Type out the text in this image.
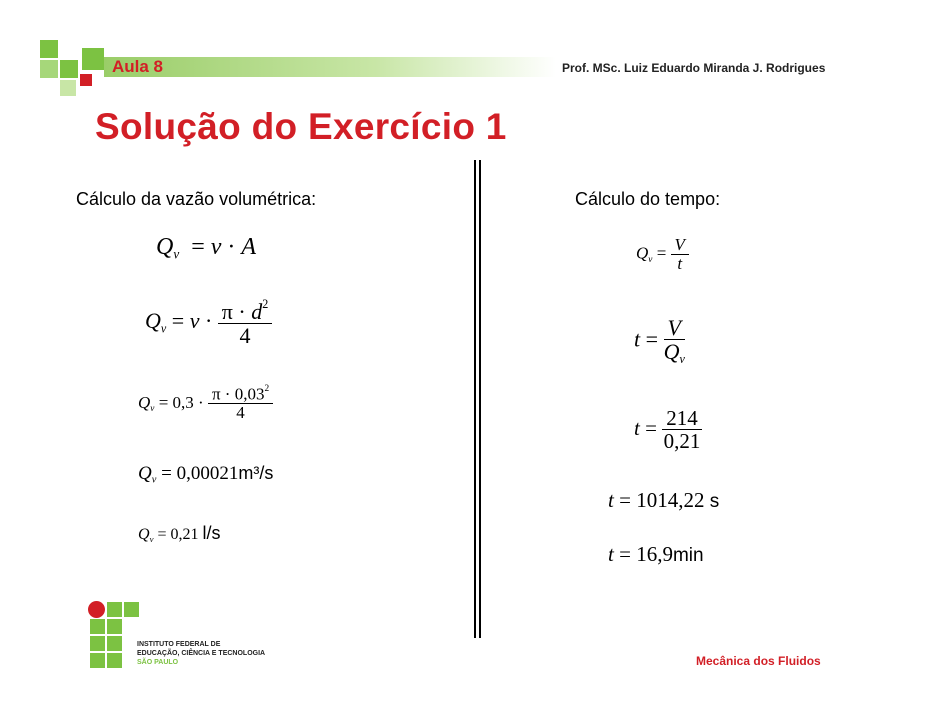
Aula 8	Prof. MSc. Luiz Eduardo Miranda J. Rodrigues
Solução do Exercício 1
Cálculo da vazão volumétrica:
$Q_v = v \cdot A$
$Q_v = v \cdot \frac{\pi \cdot d^2}{4}$
$Q_v = 0,3 \cdot \frac{\pi \cdot 0,03^2}{4}$
$Q_v = 0,00021m^3/s$
$Q_v = 0,21$ l/s
Cálculo do tempo:
$Q_v = \frac{V}{t}$
$t = \frac{V}{Q_v}$
$t = \frac{214}{0,21}$
t = 1014,22 s
t = 16,9min
INSTITUTO FEDERAL DE
EDUCAÇÃO, CIÊNCIA E TECNOLOGIA
SÃO PAULO	Mecânica dos Fluidos
